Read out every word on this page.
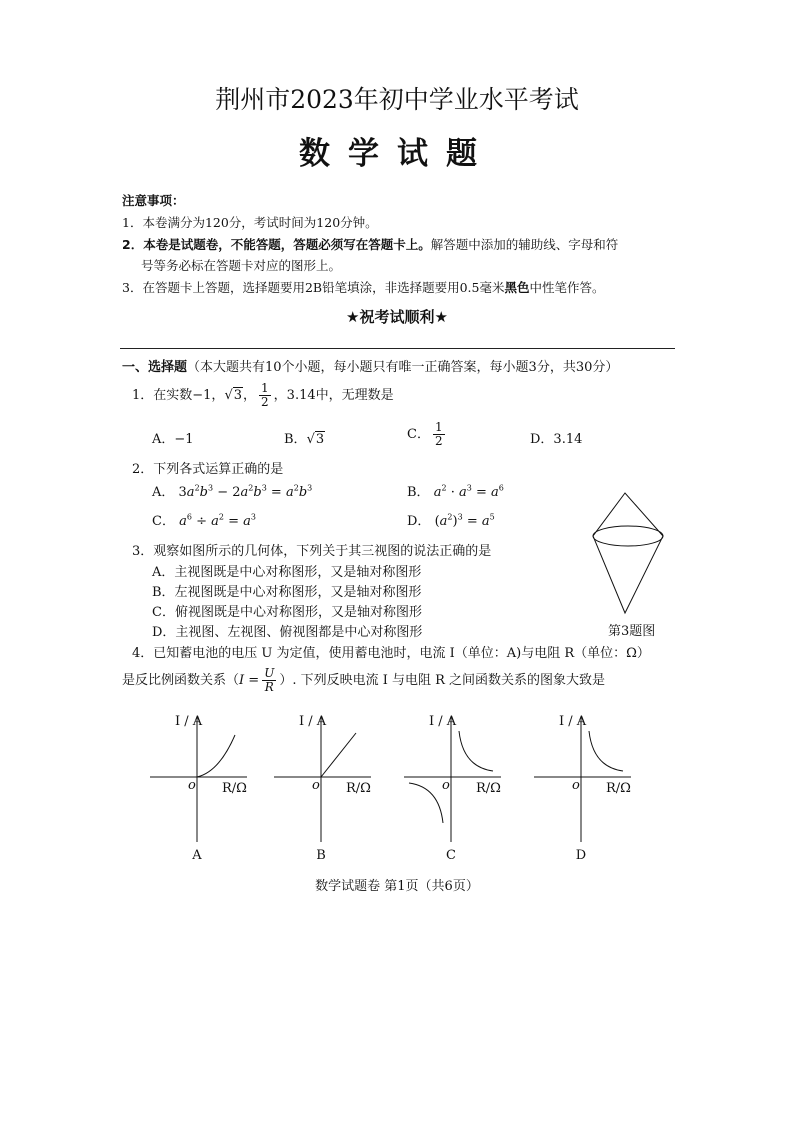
荆州市2023年初中学业水平考试
数学试题
注意事项：
1．本卷满分为120分，考试时间为120分钟。
2．本卷是试题卷，不能答题，答题必须写在答题卡上。解答题中添加的辅助线、字母和符
号等务必标在答题卡对应的图形上。
3．在答题卡上答题，选择题要用2B铅笔填涂，非选择题要用0.5毫米黑色中性笔作答。
★祝考试顺利★
一、选择题（本大题共有10个小题，每小题只有唯一正确答案，每小题3分，共30分）
1．在实数−1，√3， $\frac{1}{2}$ ，3.14中，无理数是
A．−1	B．√3	C． $\frac{1}{2}$	D．3.14
2．下列各式运算正确的是
A． $3a^2b^3 - 2a^2b^3 = a^2b^3$	B． $a^2 \cdot a^3 = a^6$
C． $a^6 \div a^2 = a^3$	D． $(a^2)^3 = a^5$
3．观察如图所示的几何体，下列关于其三视图的说法正确的是
A．主视图既是中心对称图形，又是轴对称图形
B．左视图既是中心对称图形，又是轴对称图形
C．俯视图既是中心对称图形，又是轴对称图形
D．主视图、左视图、俯视图都是中心对称图形	第3题图
4．已知蓄电池的电压 U 为定值，使用蓄电池时，电流 I（单位：A)与电阻 R（单位：Ω）
是反比例函数关系（$I = \frac{U}{R}$ ）. 下列反映电流 I 与电阻 R 之间函数关系的图象大致是
I / A
R/Ω
o
A
I / A
R/Ω
o
B
I / A
R/Ω
o
C
I / A
R/Ω
o
D
数学试题卷 第1页（共6页）
